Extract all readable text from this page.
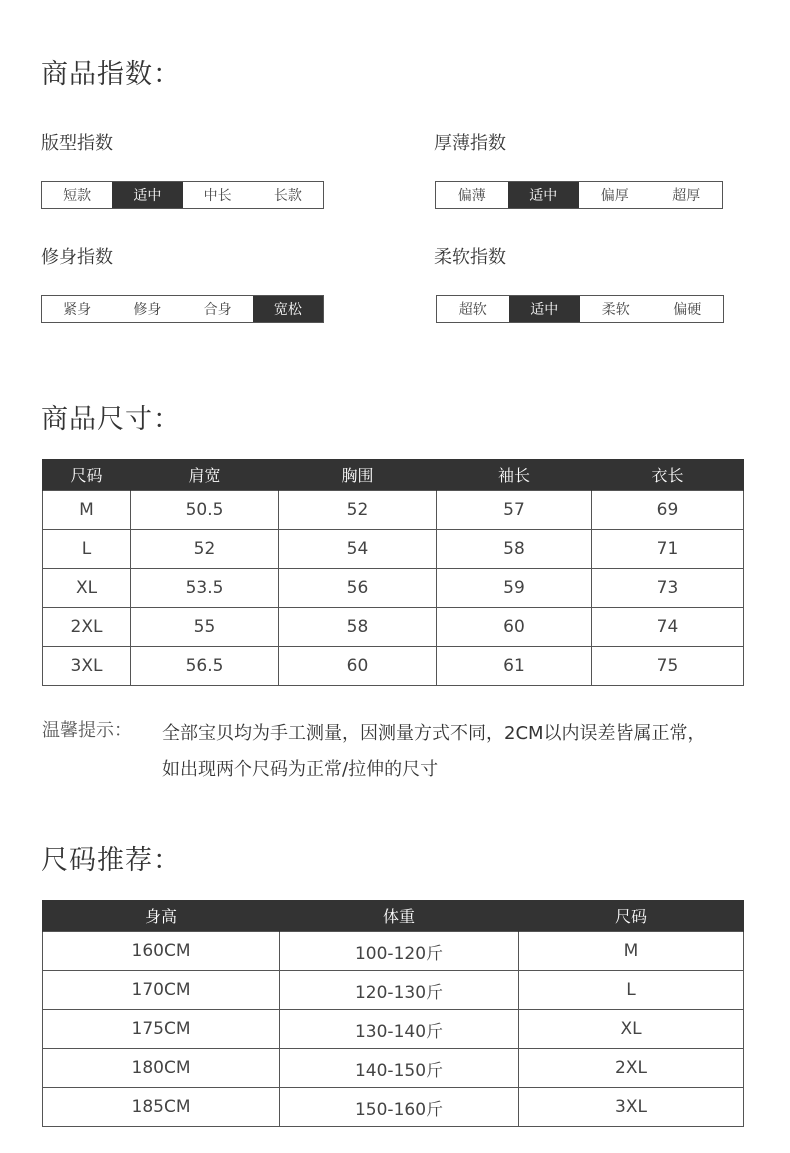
商品指数：
版型指数
短款	适中	中长	长款
厚薄指数
偏薄	适中	偏厚	超厚
修身指数
紧身	修身	合身	宽松
柔软指数
超软	适中	柔软	偏硬
商品尺寸：
尺码	肩宽	胸围	袖长	衣长
M	50.5	52	57	69
L	52	54	58	71
XL	53.5	56	59	73
2XL	55	58	60	74
3XL	56.5	60	61	75
温馨提示： 全部宝贝均为手工测量，因测量方式不同，2CM以内误差皆属正常，
如出现两个尺码为正常/拉伸的尺寸
尺码推荐：
身高	体重	尺码
160CM	100-120斤	M
170CM	120-130斤	L
175CM	130-140斤	XL
180CM	140-150斤	2XL
185CM	150-160斤	3XL
